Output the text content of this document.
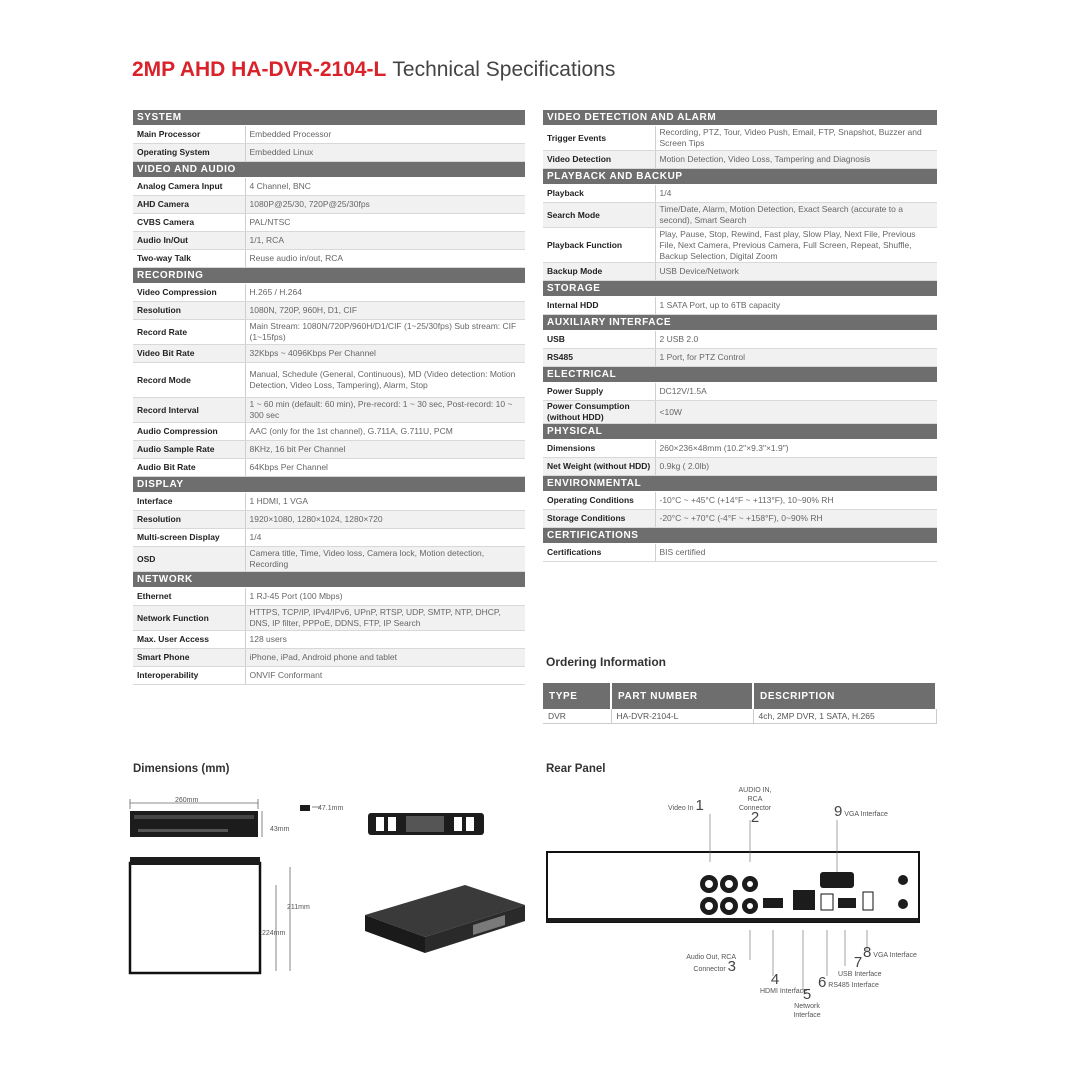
2MP AHD HA-DVR-2104-L Technical Specifications
SYSTEM	
Main Processor	Embedded Processor
Operating System	Embedded Linux
VIDEO AND AUDIO	
Analog Camera Input	4 Channel, BNC
AHD Camera	1080P@25/30, 720P@25/30fps
CVBS Camera	PAL/NTSC
Audio In/Out	1/1, RCA
Two-way Talk	Reuse audio in/out, RCA
RECORDING	
Video Compression	H.265 / H.264
Resolution	1080N, 720P, 960H, D1, CIF
Record Rate	Main Stream: 1080N/720P/960H/D1/CIF (1~25/30fps) Sub stream: CIF (1~15fps)
Video Bit Rate	32Kbps ~ 4096Kbps Per Channel
Record Mode	Manual, Schedule (General, Continuous), MD (Video detection: Motion Detection, Video Loss, Tampering), Alarm, Stop
Record Interval	1 ~ 60 min (default: 60 min), Pre-record: 1 ~ 30 sec, Post-record: 10 ~ 300 sec
Audio Compression	AAC (only for the 1st channel), G.711A, G.711U, PCM
Audio Sample Rate	8KHz, 16 bit Per Channel
Audio Bit Rate	64Kbps Per Channel
DISPLAY	
Interface	1 HDMI, 1 VGA
Resolution	1920×1080, 1280×1024, 1280×720
Multi-screen Display	1/4
OSD	Camera title, Time, Video loss, Camera lock, Motion detection, Recording
NETWORK	
Ethernet	1 RJ-45 Port (100 Mbps)
Network Function	HTTPS, TCP/IP, IPv4/IPv6, UPnP, RTSP, UDP, SMTP, NTP, DHCP, DNS, IP filter, PPPoE, DDNS, FTP, IP Search
Max. User Access	128 users
Smart Phone	iPhone, iPad, Android phone and tablet
Interoperability	ONVIF Conformant
VIDEO DETECTION AND ALARM	
Trigger Events	Recording, PTZ, Tour, Video Push, Email, FTP, Snapshot, Buzzer and Screen Tips
Video Detection	Motion Detection, Video Loss, Tampering and Diagnosis
PLAYBACK AND BACKUP	
Playback	1/4
Search Mode	Time/Date, Alarm, Motion Detection, Exact Search (accurate to a second), Smart Search
Playback Function	Play, Pause, Stop, Rewind, Fast play, Slow Play, Next File, Previous File, Next Camera, Previous Camera, Full Screen, Repeat, Shuffle, Backup Selection, Digital Zoom
Backup Mode	USB Device/Network
STORAGE	
Internal HDD	1 SATA Port, up to 6TB capacity
AUXILIARY INTERFACE	
USB	2 USB 2.0
RS485	1 Port, for PTZ Control
ELECTRICAL	
Power Supply	DC12V/1.5A
Power Consumption (without HDD)	<10W
PHYSICAL	
Dimensions	260×236×48mm (10.2"×9.3"×1.9")
Net Weight (without HDD)	0.9kg ( 2.0lb)
ENVIRONMENTAL	
Operating Conditions	-10°C ~ +45°C (+14°F ~ +113°F), 10~90% RH
Storage Conditions	-20°C ~ +70°C (-4°F ~ +158°F), 0~90% RH
CERTIFICATIONS	
Certifications	BIS certified
Ordering Information
TYPE	PART NUMBER	DESCRIPTION
DVR	HA-DVR-2104-L	4ch, 2MP DVR, 1 SATA, H.265
Dimensions (mm)
260mm
47.1mm
43mm
211mm
224mm
Rear Panel
Video In 1
AUDIO IN, RCA Connector
2	9 VGA Interface
Audio Out, RCA Connector 3
4
HDMI Interface
5
Network Interface
6 RS485 Interface
7
USB Interface
8 VGA Interface
